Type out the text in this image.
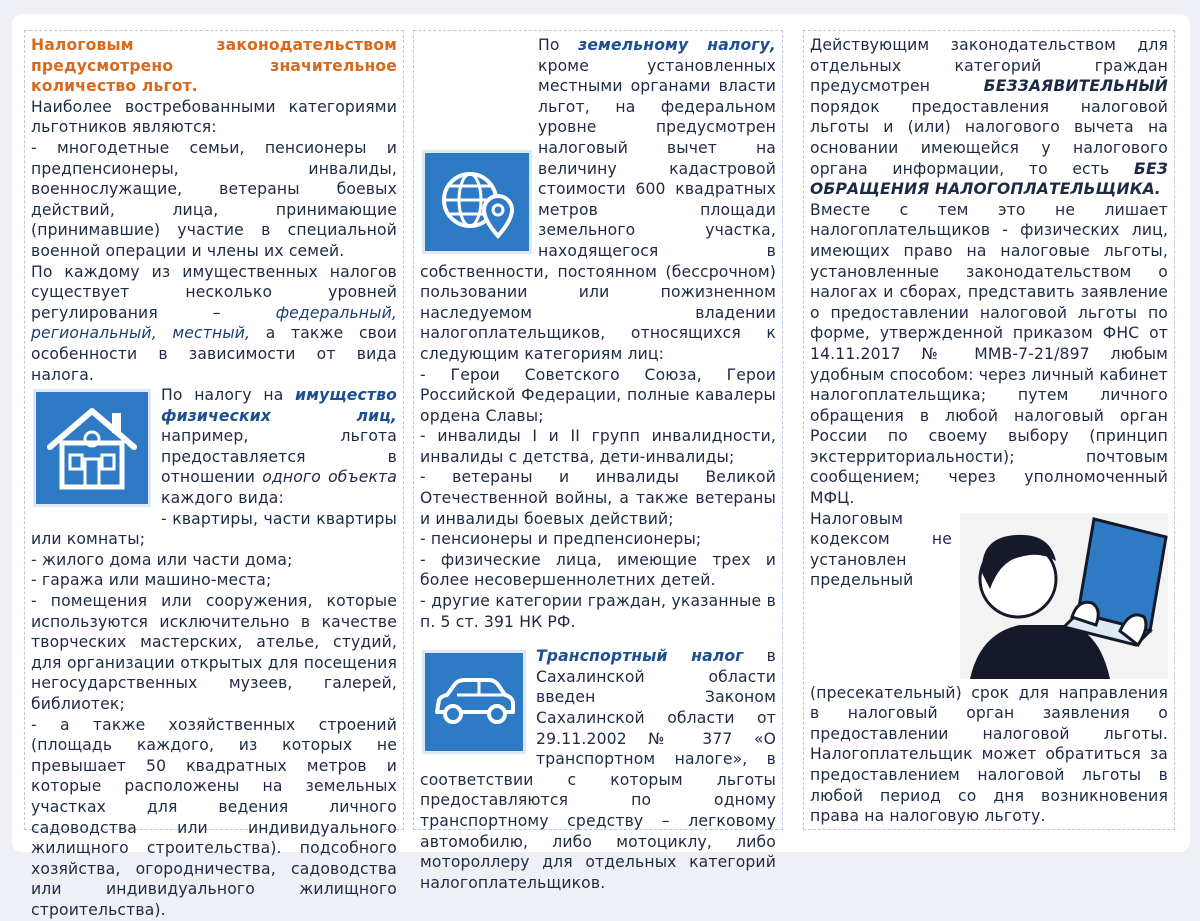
Налоговым законодательством предусмотрено значительное количество льгот.

Наиболее востребованными категориями льготников являются:

- многодетные семьи, пенсионеры и предпенсионеры, инвалиды, военнослужащие, ветераны боевых действий, лица, принимающие (принимавшие) участие в специальной военной операции и члены их семей.

По каждому из имущественных налогов существует несколько уровней регулирования –	федеральный, региональный, местный, а также свои особенности в зависимости от вида налога.

По налогу на имущество физических лиц, например, льгота предоставляется в отношении одного объекта каждого вида:

- квартиры, части квартиры или комнаты;

- жилого дома или части дома;

- гаража или машино-места;

- помещения или сооружения, которые используются исключительно в качестве творческих мастерских, ателье, студий, для организации открытых для посещения негосударственных музеев, галерей, библиотек;

- а также хозяйственных строений (площадь каждого, из которых не превышает 50 квадратных метров и которые расположены на земельных участках для ведения личного садоводства или индивидуального жилищного строительства). подсобного хозяйства, огородничества, садоводства или индивидуального жилищного строительства).

По земельному налогу, кроме установленных местными органами власти льгот, на федеральном уровне предусмотрен налоговый вычет на величину кадастровой стоимости 600 квадратных метров площади земельного участка, находящегося в собственности, постоянном (бессрочном) пользовании или пожизненном наследуемом владении налогоплательщиков, относящихся к следующим категориям лиц:

- Герои Советского Союза, Герои Российской Федерации, полные кавалеры ордена Славы;

- инвалиды I и II групп инвалидности, инвалиды с детства, дети-инвалиды;

- ветераны и инвалиды Великой Отечественной войны, а также ветераны и инвалиды боевых действий;

- пенсионеры и предпенсионеры;

- физические лица, имеющие трех и более несовершеннолетних детей.

- другие категории граждан, указанные в п. 5 ст. 391 НК РФ.

Транспортный налог в Сахалинской области введен Законом Сахалинской области от 29.11.2002 № 377 «О транспортном налоге», в соответствии с которым льготы предоставляются по одному транспортному средству – легковому автомобилю, либо мотоциклу, либо мотороллеру для отдельных категорий налогоплательщиков.

Действующим законодательством для отдельных категорий граждан предусмотрен	БЕЗЗАЯВИТЕЛЬНЫЙ порядок предоставления налоговой льготы и (или) налогового вычета на основании имеющейся у налогового органа информации, то есть БЕЗ ОБРАЩЕНИЯ НАЛОГОПЛАТЕЛЬЩИКА.

Вместе с тем это не лишает налогоплательщиков - физических лиц, имеющих право на налоговые льготы, установленные законодательством о налогах и сборах, представить заявление о предоставлении налоговой льготы по форме, утвержденной приказом ФНС от 14.11.2017 № ММВ-7-21/897 любым удобным способом: через личный кабинет налогоплательщика; путем личного обращения в любой налоговый орган России по своему выбору (принцип экстерриториальности); почтовым сообщением; через уполномоченный МФЦ.

Налоговым кодексом не установлен предельный (пресекательный) срок для направления в налоговый орган заявления о предоставлении налоговой льготы. Налогоплательщик может обратиться за предоставлением налоговой льготы в любой период со дня возникновения права на налоговую льготу.
